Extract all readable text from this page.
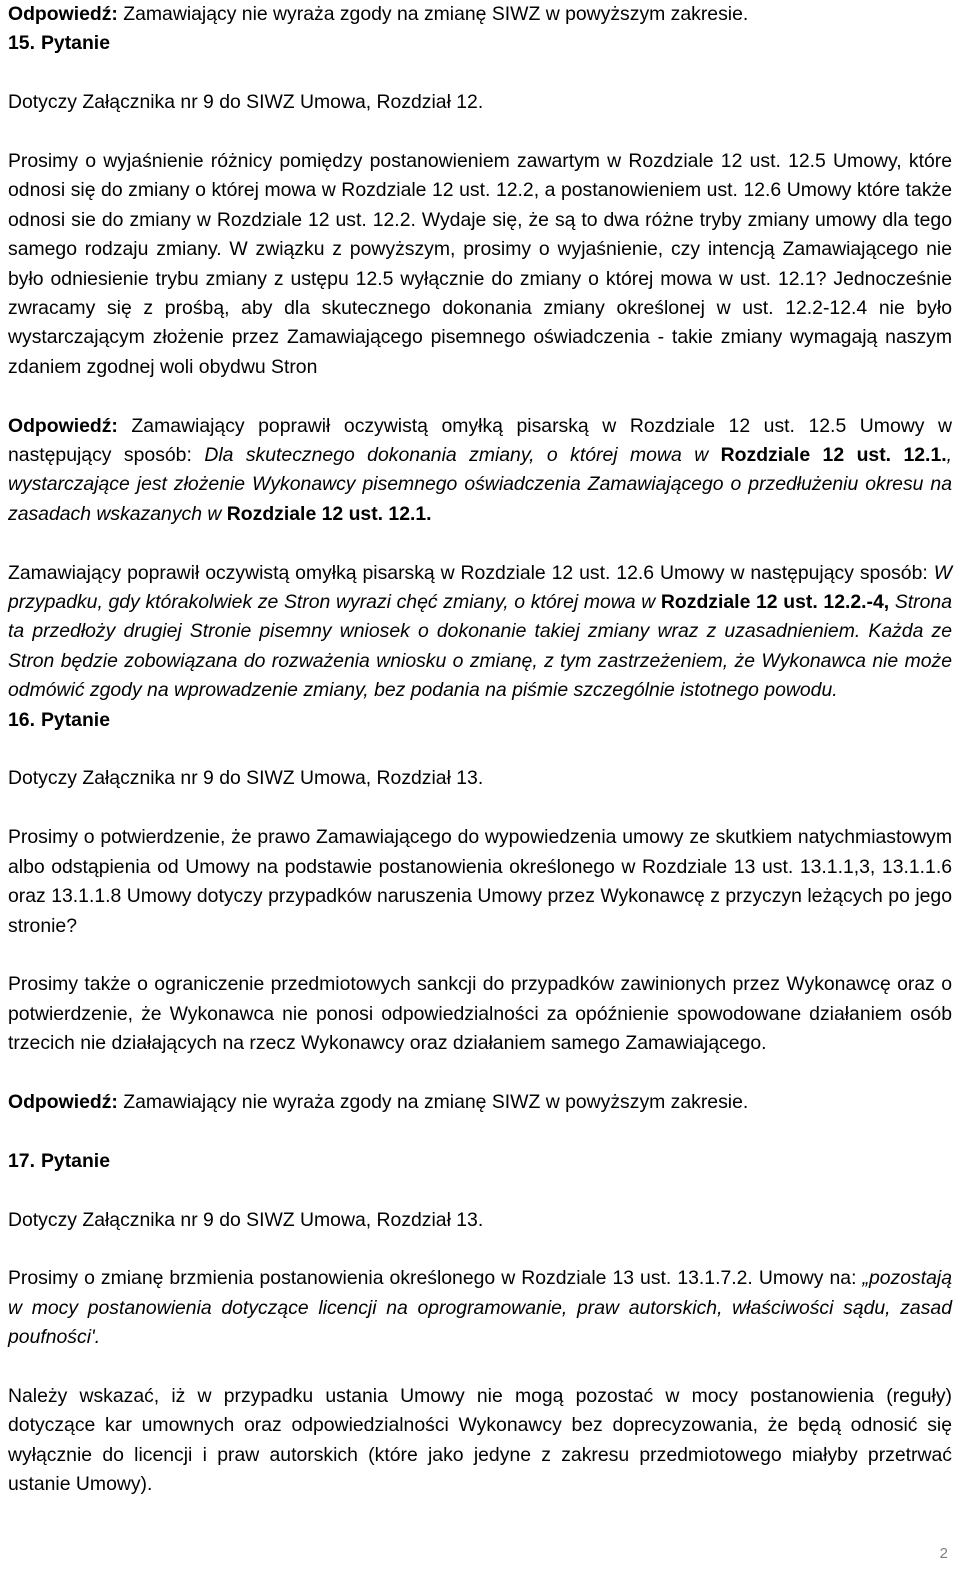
Odpowiedź: Zamawiający nie wyraża zgody na zmianę SIWZ w powyższym zakresie.

15. Pytanie

Dotyczy Załącznika nr 9 do SIWZ Umowa, Rozdział 12.

Prosimy o wyjaśnienie różnicy pomiędzy postanowieniem zawartym w Rozdziale 12 ust. 12.5 Umowy, które odnosi się do zmiany o której mowa w Rozdziale 12 ust. 12.2, a postanowieniem ust. 12.6 Umowy które także odnosi sie do zmiany w Rozdziale 12 ust. 12.2. Wydaje się, że są to dwa różne tryby zmiany umowy dla tego samego rodzaju zmiany. W związku z powyższym, prosimy o wyjaśnienie, czy intencją Zamawiającego nie było odniesienie trybu zmiany z ustępu 12.5 wyłącznie do zmiany o której mowa w ust. 12.1? Jednocześnie zwracamy się z prośbą, aby dla skutecznego dokonania zmiany określonej w ust. 12.2-12.4 nie było wystarczającym złożenie przez Zamawiającego pisemnego oświadczenia - takie zmiany wymagają naszym zdaniem zgodnej woli obydwu Stron

Odpowiedź: Zamawiający poprawił oczywistą omyłką pisarską w Rozdziale 12 ust. 12.5 Umowy w następujący sposób: Dla skutecznego dokonania zmiany, o której mowa w Rozdziale 12 ust. 12.1., wystarczające jest złożenie Wykonawcy pisemnego oświadczenia Zamawiającego o przedłużeniu okresu na zasadach wskazanych w Rozdziale 12 ust. 12.1.

Zamawiający poprawił oczywistą omyłką pisarską w Rozdziale 12 ust. 12.6 Umowy w następujący sposób: W przypadku, gdy którakolwiek ze Stron wyrazi chęć zmiany, o której mowa w Rozdziale 12 ust. 12.2.-4, Strona ta przedłoży drugiej Stronie pisemny wniosek o dokonanie takiej zmiany wraz z uzasadnieniem. Każda ze Stron będzie zobowiązana do rozważenia wniosku o zmianę, z tym zastrzeżeniem, że Wykonawca nie może odmówić zgody na wprowadzenie zmiany, bez podania na piśmie szczególnie istotnego powodu.

16. Pytanie

Dotyczy Załącznika nr 9 do SIWZ Umowa, Rozdział 13.

Prosimy o potwierdzenie, że prawo Zamawiającego do wypowiedzenia umowy ze skutkiem natychmiastowym albo odstąpienia od Umowy na podstawie postanowienia określonego w Rozdziale 13 ust. 13.1.1,3, 13.1.1.6 oraz 13.1.1.8 Umowy dotyczy przypadków naruszenia Umowy przez Wykonawcę z przyczyn leżących po jego stronie?

Prosimy także o ograniczenie przedmiotowych sankcji do przypadków zawinionych przez Wykonawcę oraz o potwierdzenie, że Wykonawca nie ponosi odpowiedzialności za opóźnienie spowodowane działaniem osób trzecich nie działających na rzecz Wykonawcy oraz działaniem samego Zamawiającego.

Odpowiedź: Zamawiający nie wyraża zgody na zmianę SIWZ w powyższym zakresie.

17. Pytanie

Dotyczy Załącznika nr 9 do SIWZ Umowa, Rozdział 13.

Prosimy o zmianę brzmienia postanowienia określonego w Rozdziale 13 ust. 13.1.7.2. Umowy na: „pozostają w mocy postanowienia dotyczące licencji na oprogramowanie, praw autorskich, właściwości sądu, zasad poufności'.

Należy wskazać, iż w przypadku ustania Umowy nie mogą pozostać w mocy postanowienia (reguły) dotyczące kar umownych oraz odpowiedzialności Wykonawcy bez doprecyzowania, że będą odnosić się wyłącznie do licencji i praw autorskich (które jako jedyne z zakresu przedmiotowego miałyby przetrwać ustanie Umowy).

2
